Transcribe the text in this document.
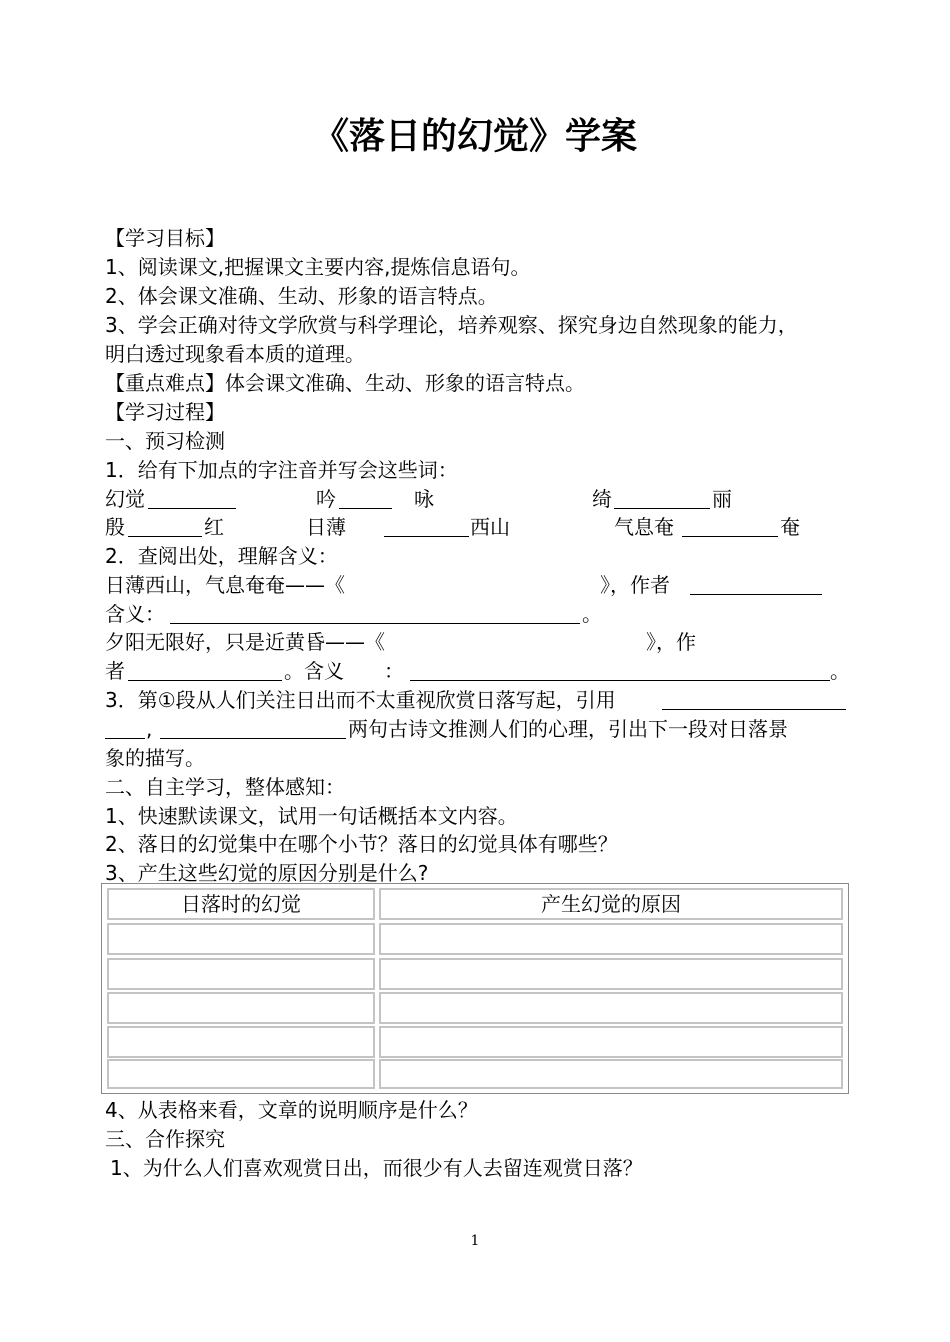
《落日的幻觉》学案
【学习目标】
1、阅读课文,把握课文主要内容,提炼信息语句。
2、体会课文准确、生动、形象的语言特点。
3、学会正确对待文学欣赏与科学理论，培养观察、探究身边自然现象的能力，
明白透过现象看本质的道理。
【重点难点】体会课文准确、生动、形象的语言特点。
【学习过程】
一、预习检测
1．给有下加点的字注音并写会这些词：
幻觉	吟	咏	绮	丽
殷	红	日薄	西山	气息奄	奄
2．查阅出处，理解含义：
日薄西山，气息奄奄——《	》，作者
含义：	。
夕阳无限好，只是近黄昏——《	》，作
者	。含义　　：	。
3．第①段从人们关注日出而不太重视欣赏日落写起，引用
,	两句古诗文推测人们的心理，引出下一段对日落景
象的描写。
二、自主学习，整体感知：
1、快速默读课文，试用一句话概括本文内容。
2、落日的幻觉集中在哪个小节？落日的幻觉具体有哪些？
3、产生这些幻觉的原因分别是什么?
日落时的幻觉	产生幻觉的原因
4、从表格来看，文章的说明顺序是什么？
三、合作探究
1、为什么人们喜欢观赏日出，而很少有人去留连观赏日落？
1
